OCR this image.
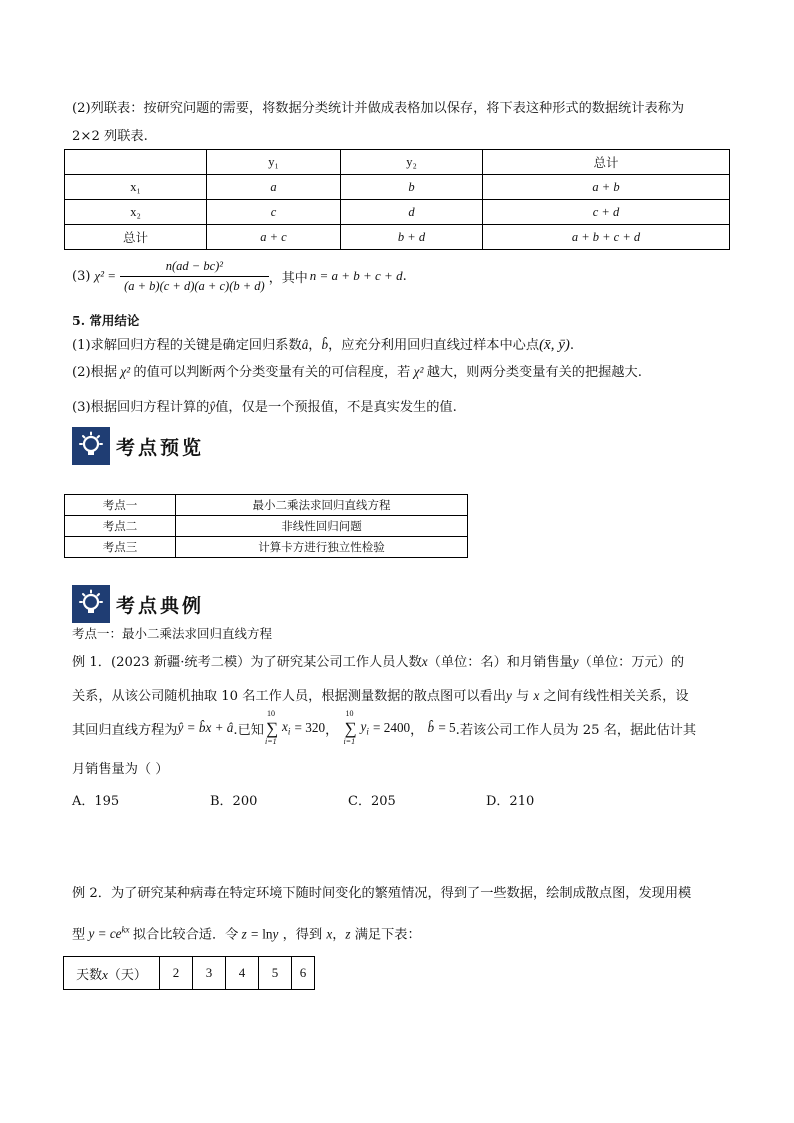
(2)列联表：按研究问题的需要，将数据分类统计并做成表格加以保存，将下表这种形式的数据统计表称为
2×2 列联表.
	y₁	y₂	总计
x₁	a	b	a + b
x₂	c	d	c + d
总计	a + c	b + d	a + b + c + d
(3) $\chi^2 = \frac{\text{n(ad − bc)²}}{(a + b)(c + d)(a + c)(b + d)}$ ，其中 n = a + b + c + d .
5. 常用结论
(1)求解回归方程的关键是确定回归系数â，b̂，应充分利用回归直线过样本中心点(x̄, ȳ).
(2)根据 χ² 的值可以判断两个分类变量有关的可信程度，若 χ² 越大，则两分类变量有关的把握越大.
(3)根据回归方程计算的ŷ值，仅是一个预报值，不是真实发生的值.
考点预览
考点一	最小二乘法求回归直线方程
考点二	非线性回归问题
考点三	计算卡方进行独立性检验
考点典例
考点一：最小二乘法求回归直线方程
例 1．(2023 新疆·统考二模）为了研究某公司工作人员人数x（单位：名）和月销售量y（单位：万元）的
关系，从该公司随机抽取 10 名工作人员，根据测量数据的散点图可以看出y 与 x 之间有线性相关关系，设
其回归直线方程为 ŷ = b̂x + â .已知
10
∑
i=1
$x_i$
= 320 ，
10
∑
i=1
$y_i$
= 2400 ， b̂
= 5 .若该公司工作人员为 25 名，据此估计其
月销售量为（ ）
A．195	B．200	C．205	D．210
例 2．为了研究某种病毒在特定环境下随时间变化的繁殖情况，得到了一些数据，绘制成散点图，发现用模
型 $y = ce^{kx}$ 拟合比较合适．令 z = lny ，得到 x，z 满足下表：
天数x（天）	2	3	4	5	6
